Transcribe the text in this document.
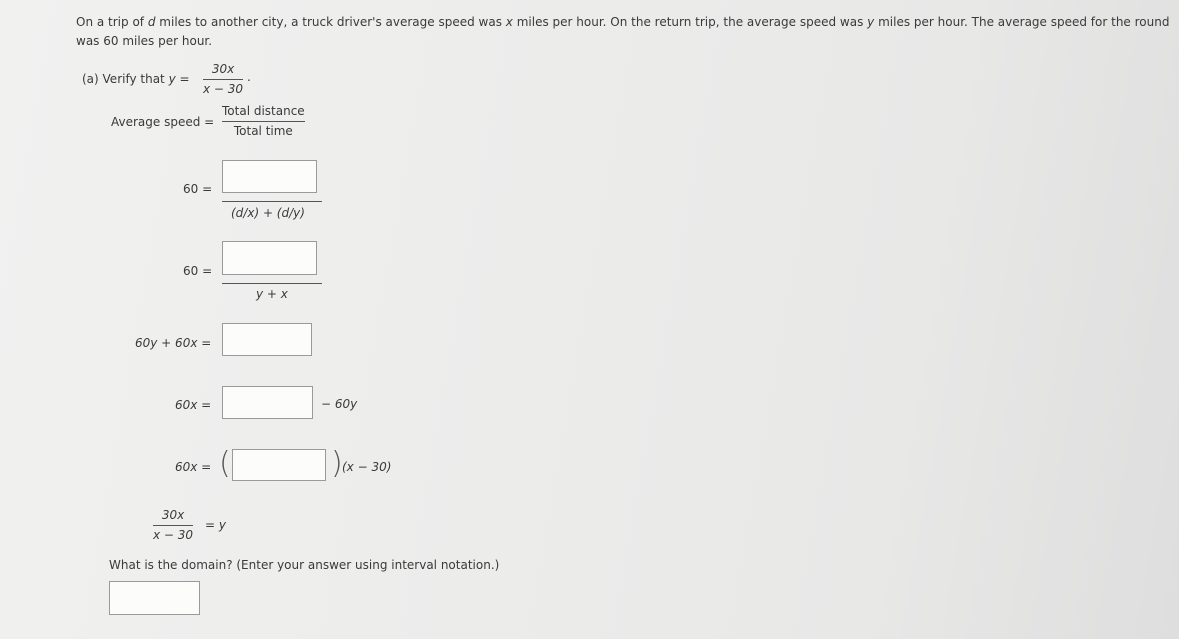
On a trip of d miles to another city, a truck driver's average speed was x miles per hour. On the return trip, the average speed was y miles per hour. The average speed for the round
was 60 miles per hour.
(a) Verify that y =
30x
x − 30
.
Average speed =
Total distance
Total time
60 =
(d/x) + (d/y)
60 =
y + x
60y + 60x =
60x =	− 60y
60x = (	) (x − 30)
30x
x − 30
= y
What is the domain? (Enter your answer using interval notation.)
